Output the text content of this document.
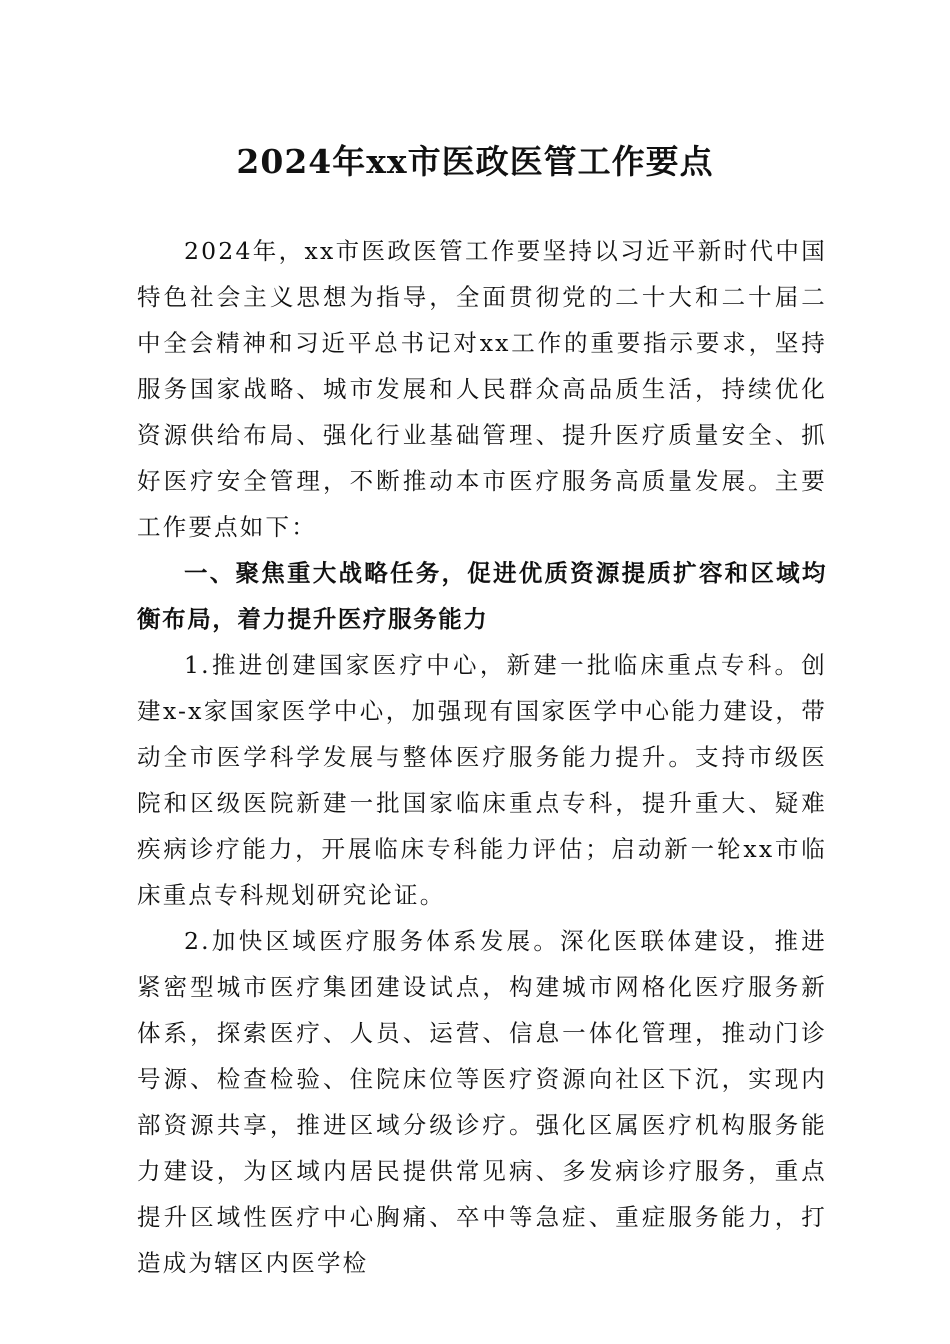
2024年xx市医政医管工作要点

2024年，xx市医政医管工作要坚持以习近平新时代中国特色社会主义思想为指导，全面贯彻党的二十大和二十届二中全会精神和习近平总书记对xx工作的重要指示要求，坚持服务国家战略、城市发展和人民群众高品质生活，持续优化资源供给布局、强化行业基础管理、提升医疗质量安全、抓好医疗安全管理，不断推动本市医疗服务高质量发展。主要工作要点如下：

一、聚焦重大战略任务，促进优质资源提质扩容和区域均衡布局，着力提升医疗服务能力

1.推进创建国家医疗中心，新建一批临床重点专科。创建x-x家国家医学中心，加强现有国家医学中心能力建设，带动全市医学科学发展与整体医疗服务能力提升。支持市级医院和区级医院新建一批国家临床重点专科，提升重大、疑难疾病诊疗能力，开展临床专科能力评估；启动新一轮xx市临床重点专科规划研究论证。

2.加快区域医疗服务体系发展。深化医联体建设，推进紧密型城市医疗集团建设试点，构建城市网格化医疗服务新体系，探索医疗、人员、运营、信息一体化管理，推动门诊号源、检查检验、住院床位等医疗资源向社区下沉，实现内部资源共享，推进区域分级诊疗。强化区属医疗机构服务能力建设，为区域内居民提供常见病、多发病诊疗服务，重点提升区域性医疗中心胸痛、卒中等急症、重症服务能力，打造成为辖区内医学检
